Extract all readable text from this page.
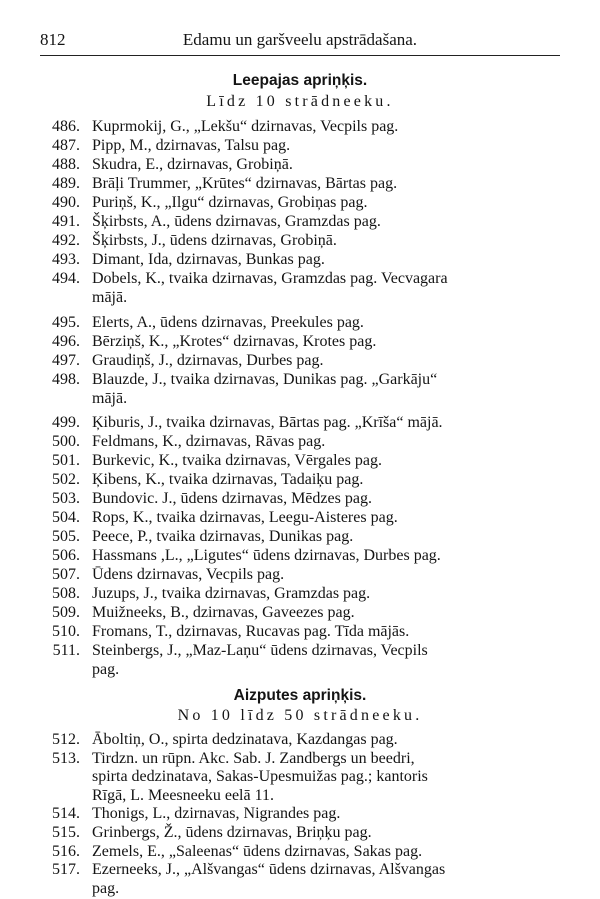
812	Edamu un garšveelu apstrādašana.
Leepajas apriņķis.
Līdz 10 strādneeku.
486. Kuprmokij, G., „Lekšu“ dzirnavas, Vecpils pag.
487. Pipp, M., dzirnavas, Talsu pag.
488. Skudra, E., dzirnavas, Grobiņā.
489. Brāļi Trummer, „Krūtes“ dzirnavas, Bārtas pag.
490. Puriņš, K., „Ilgu“ dzirnavas, Grobiņas pag.
491. Šķirbsts, A., ūdens dzirnavas, Gramzdas pag.
492. Šķirbsts, J., ūdens dzirnavas, Grobiņā.
493. Dimant, Ida, dzirnavas, Bunkas pag.
494. Dobels, K., tvaika dzirnavas, Gramzdas pag. Vecvagara
mājā.
495. Elerts, A., ūdens dzirnavas, Preekules pag.
496. Bērziņš, K., „Krotes“ dzirnavas, Krotes pag.
497. Graudiņš, J., dzirnavas, Durbes pag.
498. Blauzde, J., tvaika dzirnavas, Dunikas pag. „Garkāju“
mājā.
499. Ķiburis, J., tvaika dzirnavas, Bārtas pag. „Krīša“ mājā.
500. Feldmans, K., dzirnavas, Rāvas pag.
501. Burkevic, K., tvaika dzirnavas, Vērgales pag.
502. Ķibens, K., tvaika dzirnavas, Tadaiķu pag.
503. Bundovic. J., ūdens dzirnavas, Mēdzes pag.
504. Rops, K., tvaika dzirnavas, Leegu-Aisteres pag.
505. Peece, P., tvaika dzirnavas, Dunikas pag.
506. Hassmans ,L., „Ligutes“ ūdens dzirnavas, Durbes pag.
507. Ūdens dzirnavas, Vecpils pag.
508. Juzups, J., tvaika dzirnavas, Gramzdas pag.
509. Muižneeks, B., dzirnavas, Gaveezes pag.
510. Fromans, T., dzirnavas, Rucavas pag. Tīda mājās.
511. Steinbergs, J., „Maz-Laņu“ ūdens dzirnavas, Vecpils
pag.
Aizputes apriņķis.
No 10 līdz 50 strādneeku.
512. Āboltiņ, O., spirta dedzinatava, Kazdangas pag.
513. Tirdzn. un rūpn. Akc. Sab. J. Zandbergs un beedri,
spirta dedzinatava, Sakas-Upesmuižas pag.; kantoris
Rīgā, L. Meesneeku eelā 11.
514. Thonigs, L., dzirnavas, Nigrandes pag.
515. Grinbergs, Ž., ūdens dzirnavas, Briņķu pag.
516. Zemels, E., „Saleenas“ ūdens dzirnavas, Sakas pag.
517. Ezerneeks, J., „Alšvangas“ ūdens dzirnavas, Alšvangas
pag.
